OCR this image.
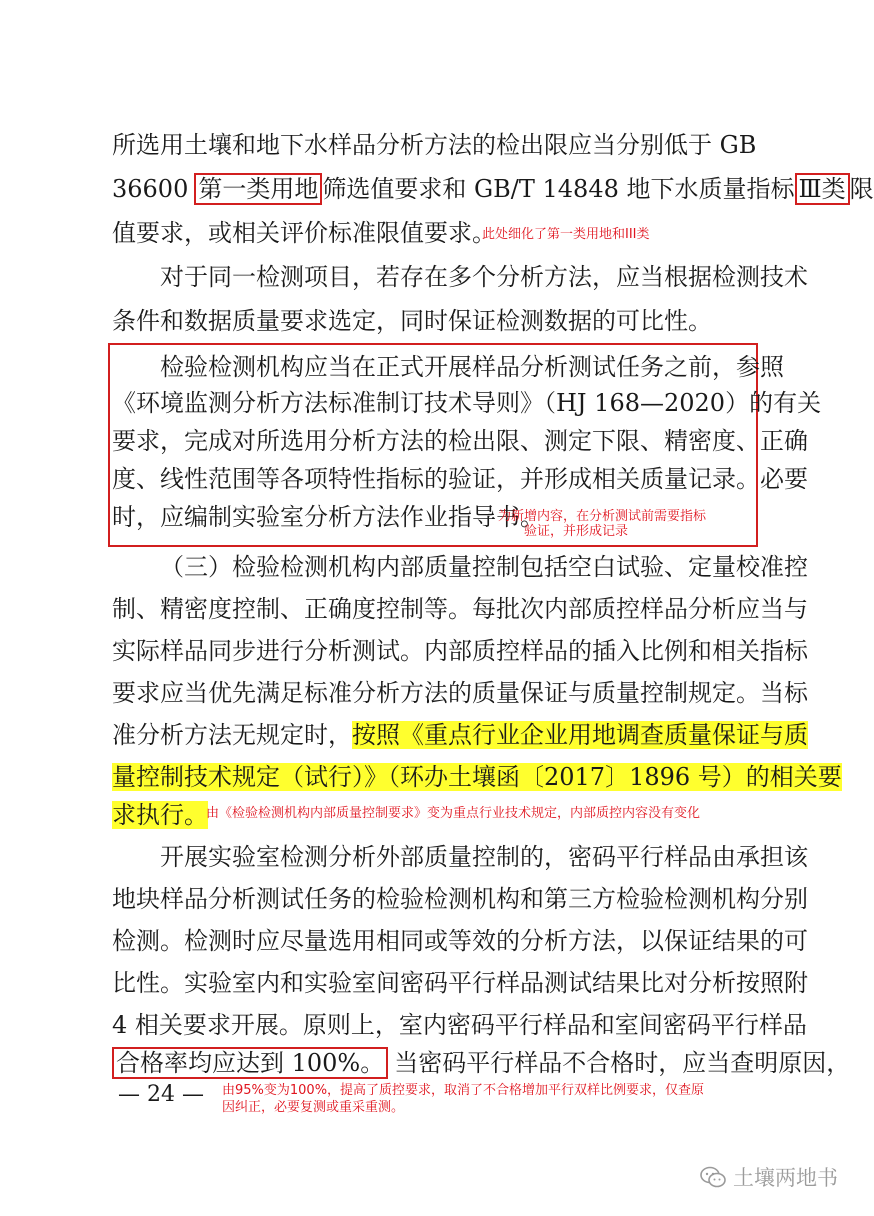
所选用土壤和地下水样品分析方法的检出限应当分别低于 GB
36600 第一类用地 筛选值要求和 GB/T 14848 地下水质量指标 Ⅲ类 限
值要求，或相关评价标准限值要求。
此处细化了第一类用地和III类
对于同一检测项目，若存在多个分析方法，应当根据检测技术
条件和数据质量要求选定，同时保证检测数据的可比性。
检验检测机构应当在正式开展样品分析测试任务之前，参照
《环境监测分析方法标准制订技术导则》（HJ 168—2020）的有关
要求，完成对所选用分析方法的检出限、测定下限、精密度、正确
度、线性范围等各项特性指标的验证，并形成相关质量记录。必要
时，应编制实验室分析方法作业指导书。
为新增内容，在分析测试前需要指标
验证，并形成记录
（三）检验检测机构内部质量控制包括空白试验、定量校准控
制、精密度控制、正确度控制等。每批次内部质控样品分析应当与
实际样品同步进行分析测试。内部质控样品的插入比例和相关指标
要求应当优先满足标准分析方法的质量保证与质量控制规定。当标
准分析方法无规定时，按照《重点行业企业用地调查质量保证与质
量控制技术规定（试行）》（环办土壤函〔2017〕1896 号）的相关要
求执行。
由《检验检测机构内部质量控制要求》变为重点行业技术规定，内部质控内容没有变化
开展实验室检测分析外部质量控制的，密码平行样品由承担该
地块样品分析测试任务的检验检测机构和第三方检验检测机构分别
检测。检测时应尽量选用相同或等效的分析方法，以保证结果的可
比性。实验室内和实验室间密码平行样品测试结果比对分析按照附
4 相关要求开展。原则上，室内密码平行样品和室间密码平行样品
合格率均应达到 100%。 当密码平行样品不合格时，应当查明原因，
— 24 — 由95%变为100%，提高了质控要求，取消了不合格增加平行双样比例要求，仅查原
因纠正，必要复测或重采重测。
土壤两地书
